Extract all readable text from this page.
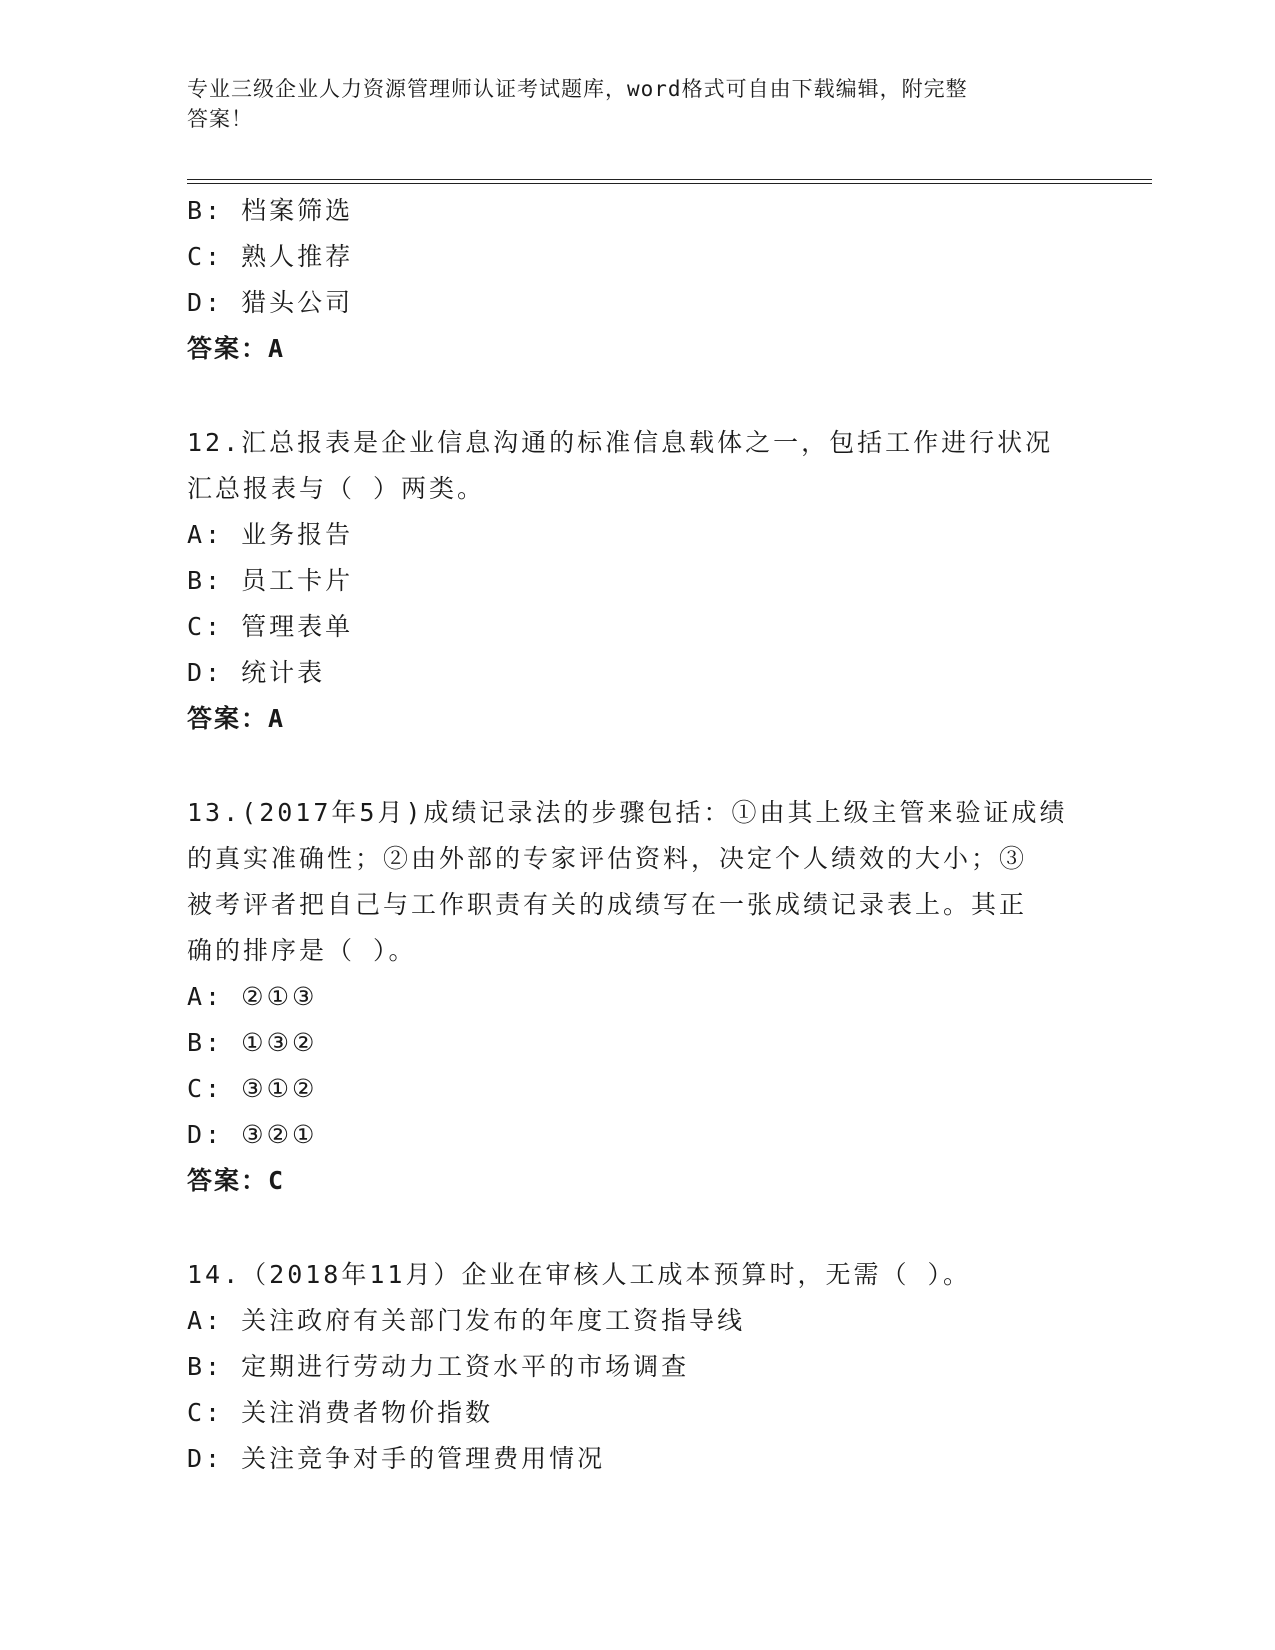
专业三级企业人力资源管理师认证考试题库，word格式可自由下载编辑，附完整
答案！
B: 档案筛选
C: 熟人推荐
D: 猎头公司
答案：A
12.汇总报表是企业信息沟通的标准信息载体之一，包括工作进行状况
汇总报表与（ ）两类。
A: 业务报告
B: 员工卡片
C: 管理表单
D: 统计表
答案：A
13.(2017年5月)成绩记录法的步骤包括：①由其上级主管来验证成绩
的真实准确性；②由外部的专家评估资料，决定个人绩效的大小；③
被考评者把自己与工作职责有关的成绩写在一张成绩记录表上。其正
确的排序是（ ）。
A: ②①③
B: ①③②
C: ③①②
D: ③②①
答案：C
14.（2018年11月）企业在审核人工成本预算时，无需（ ）。
A: 关注政府有关部门发布的年度工资指导线
B: 定期进行劳动力工资水平的市场调查
C: 关注消费者物价指数
D: 关注竞争对手的管理费用情况
